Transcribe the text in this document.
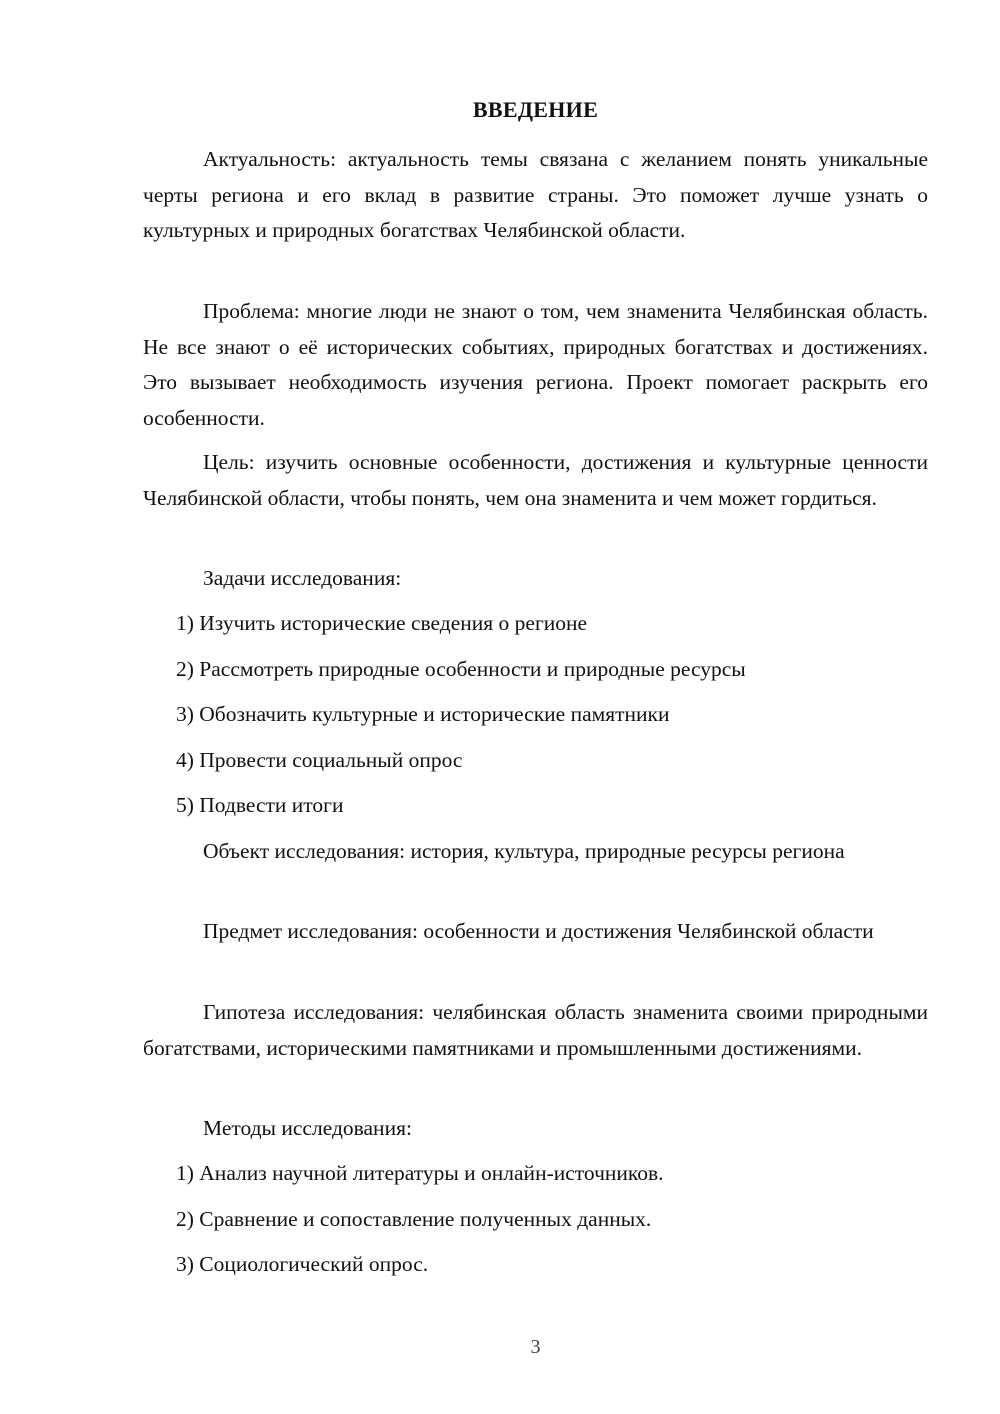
ВВЕДЕНИЕ

Актуальность: актуальность темы связана с желанием понять уникальные черты региона и его вклад в развитие страны. Это поможет лучше узнать о культурных и природных богатствах Челябинской области.

Проблема: многие люди не знают о том, чем знаменита Челябинская область. Не все знают о её исторических событиях, природных богатствах и достижениях. Это вызывает необходимость изучения региона. Проект помогает раскрыть его особенности.

Цель: изучить основные особенности, достижения и культурные ценности Челябинской области, чтобы понять, чем она знаменита и чем может гордиться.

Задачи исследования:
1) Изучить исторические сведения о регионе
2) Рассмотреть природные особенности и природные ресурсы
3) Обозначить культурные и исторические памятники
4) Провести социальный опрос
5) Подвести итоги

Объект исследования: история, культура, природные ресурсы региона

Предмет исследования: особенности и достижения Челябинской области

Гипотеза исследования: челябинская область знаменита своими природными богатствами, историческими памятниками и промышленными достижениями.

Методы исследования:
1) Анализ научной литературы и онлайн-источников.
2) Сравнение и сопоставление полученных данных.
3) Социологический опрос.
3
